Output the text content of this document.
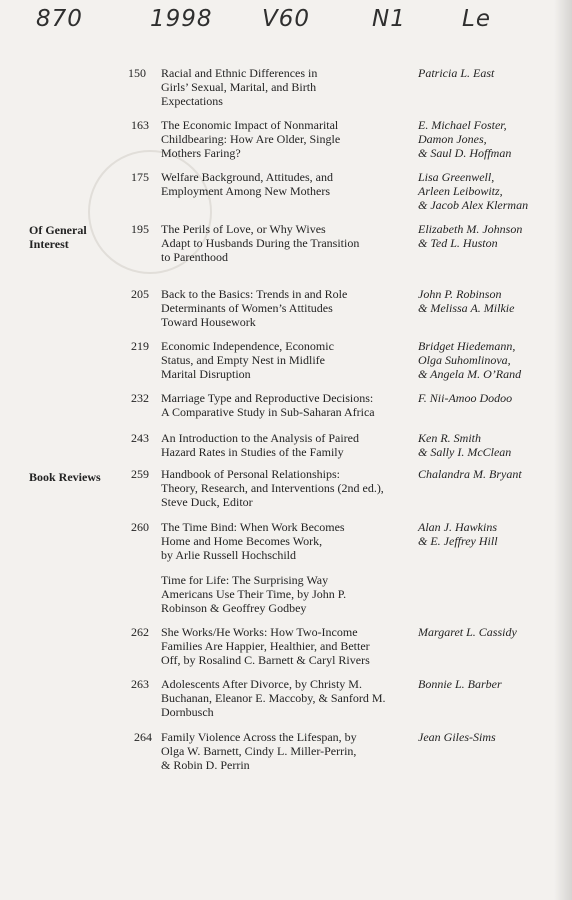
870	1998 V60	N1 Le
Of General
Interest
Book Reviews
150 Racial and Ethnic Differences in
Girls’ Sexual, Marital, and Birth
Expectations
Patricia L. East
163 The Economic Impact of Nonmarital
Childbearing: How Are Older, Single
Mothers Faring?
E. Michael Foster,
Damon Jones,
& Saul D. Hoffman
175 Welfare Background, Attitudes, and
Employment Among New Mothers
Lisa Greenwell,
Arleen Leibowitz,
& Jacob Alex Klerman
195 The Perils of Love, or Why Wives
Adapt to Husbands During the Transition
to Parenthood
Elizabeth M. Johnson
& Ted L. Huston
205 Back to the Basics: Trends in and Role
Determinants of Women’s Attitudes
Toward Housework
John P. Robinson
& Melissa A. Milkie
219 Economic Independence, Economic
Status, and Empty Nest in Midlife
Marital Disruption
Bridget Hiedemann,
Olga Suhomlinova,
& Angela M. O’Rand
232 Marriage Type and Reproductive Decisions:
A Comparative Study in Sub-Saharan Africa
F. Nii-Amoo Dodoo
243 An Introduction to the Analysis of Paired
Hazard Rates in Studies of the Family
Ken R. Smith
& Sally I. McClean
259 Handbook of Personal Relationships:
Theory, Research, and Interventions (2nd ed.),
Steve Duck, Editor
Chalandra M. Bryant
260 The Time Bind: When Work Becomes
Home and Home Becomes Work,
by Arlie Russell Hochschild
Alan J. Hawkins
& E. Jeffrey Hill
Time for Life: The Surprising Way
Americans Use Their Time, by John P.
Robinson & Geoffrey Godbey
262 She Works/He Works: How Two-Income
Families Are Happier, Healthier, and Better
Off, by Rosalind C. Barnett & Caryl Rivers
Margaret L. Cassidy
263 Adolescents After Divorce, by Christy M.
Buchanan, Eleanor E. Maccoby, & Sanford M.
Dornbusch
Bonnie L. Barber
264 Family Violence Across the Lifespan, by
Olga W. Barnett, Cindy L. Miller-Perrin,
& Robin D. Perrin
Jean Giles-Sims
